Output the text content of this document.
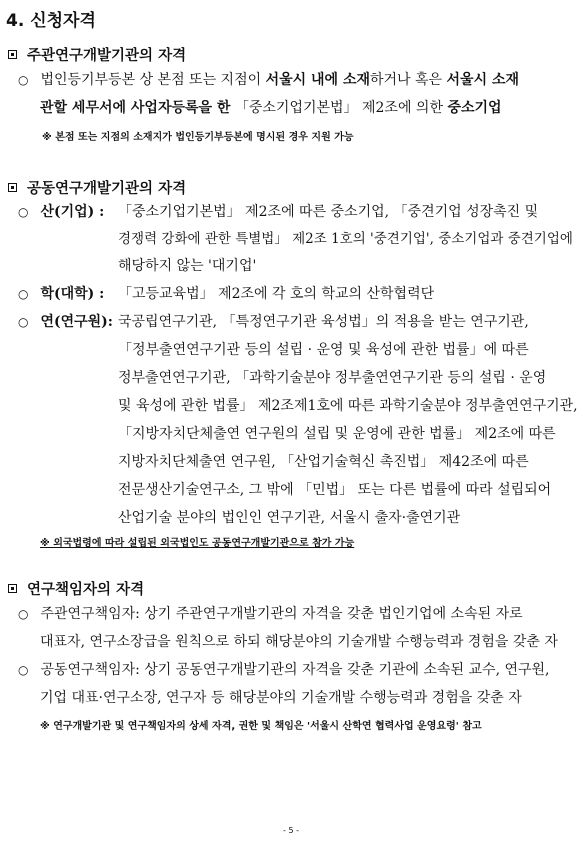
4. 신청자격
주관연구개발기관의 자격
○ 법인등기부등본 상 본점 또는 지점이 서울시 내에 소재하거나 혹은 서울시 소재
관할 세무서에 사업자등록을 한 「중소기업기본법」 제2조에 의한 중소기업
※ 본점 또는 지점의 소재지가 법인등기부등본에 명시된 경우 지원 가능
공동연구개발기관의 자격
○ 산(기업) : 「중소기업기본법」 제2조에 따른 중소기업, 「중견기업 성장촉진 및
경쟁력 강화에 관한 특별법」 제2조 1호의 '중견기업', 중소기업과 중견기업에
해당하지 않는 '대기업'
○ 학(대학) : 「고등교육법」 제2조에 각 호의 학교의 산학협력단
○ 연(연구원): 국공립연구기관, 「특정연구기관 육성법」의 적용을 받는 연구기관,
「정부출연연구기관 등의 설립 · 운영 및 육성에 관한 법률」에 따른
정부출연연구기관, 「과학기술분야 정부출연연구기관 등의 설립 · 운영
및 육성에 관한 법률」 제2조제1호에 따른 과학기술분야 정부출연연구기관,
「지방자치단체출연 연구원의 설립 및 운영에 관한 법률」 제2조에 따른
지방자치단체출연 연구원, 「산업기술혁신 촉진법」 제42조에 따른
전문생산기술연구소, 그 밖에 「민법」 또는 다른 법률에 따라 설립되어
산업기술 분야의 법인인 연구기관, 서울시 출자·출연기관
※ 외국법령에 따라 설립된 외국법인도 공동연구개발기관으로 참가 가능
연구책임자의 자격
○ 주관연구책임자: 상기 주관연구개발기관의 자격을 갖춘 법인기업에 소속된 자로
대표자, 연구소장급을 원칙으로 하되 해당분야의 기술개발 수행능력과 경험을 갖춘 자
○ 공동연구책임자: 상기 공동연구개발기관의 자격을 갖춘 기관에 소속된 교수, 연구원,
기업 대표·연구소장, 연구자 등 해당분야의 기술개발 수행능력과 경험을 갖춘 자
※ 연구개발기관 및 연구책임자의 상세 자격, 권한 및 책임은 '서울시 산학연 협력사업 운영요령' 참고
- 5 -
